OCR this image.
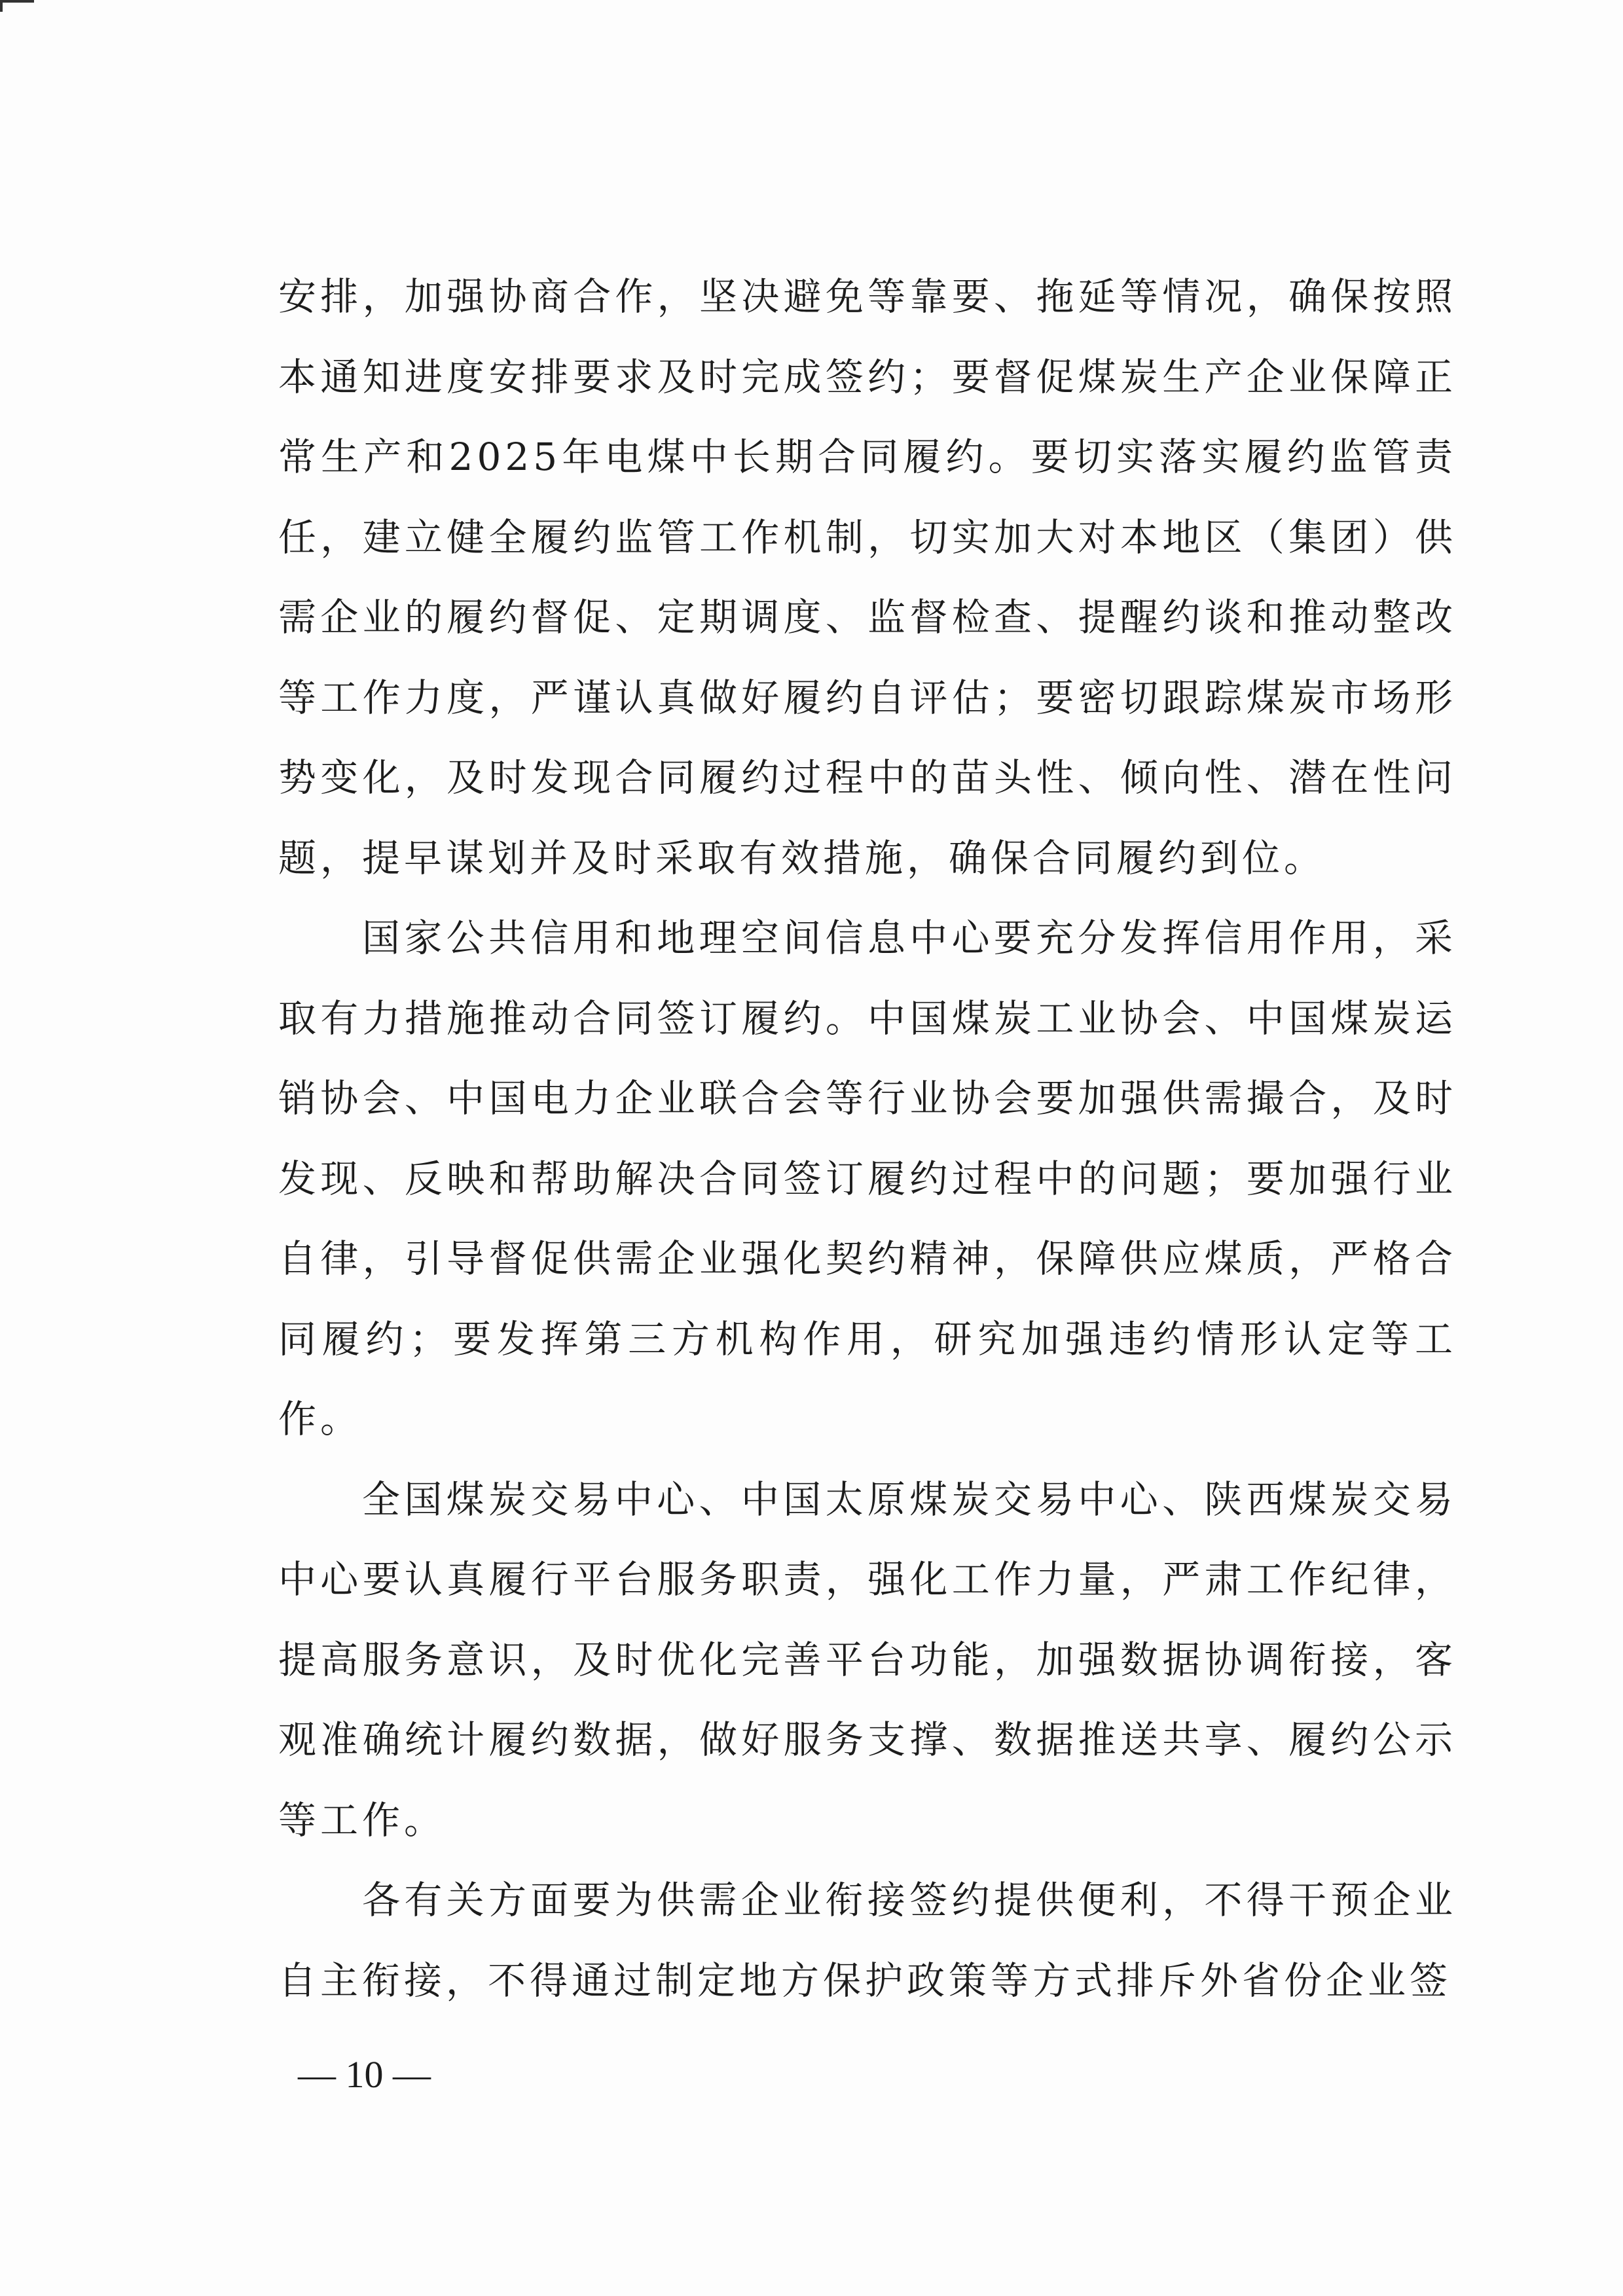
安排，加强协商合作，坚决避免等靠要、拖延等情况，确保按照本通知进度安排要求及时完成签约；要督促煤炭生产企业保障正常生产和2025年电煤中长期合同履约。要切实落实履约监管责任，建立健全履约监管工作机制，切实加大对本地区（集团）供需企业的履约督促、定期调度、监督检查、提醒约谈和推动整改等工作力度，严谨认真做好履约自评估；要密切跟踪煤炭市场形势变化，及时发现合同履约过程中的苗头性、倾向性、潜在性问题，提早谋划并及时采取有效措施，确保合同履约到位。

国家公共信用和地理空间信息中心要充分发挥信用作用，采取有力措施推动合同签订履约。中国煤炭工业协会、中国煤炭运销协会、中国电力企业联合会等行业协会要加强供需撮合，及时发现、反映和帮助解决合同签订履约过程中的问题；要加强行业自律，引导督促供需企业强化契约精神，保障供应煤质，严格合同履约；要发挥第三方机构作用，研究加强违约情形认定等工作。

全国煤炭交易中心、中国太原煤炭交易中心、陕西煤炭交易中心要认真履行平台服务职责，强化工作力量，严肃工作纪律，提高服务意识，及时优化完善平台功能，加强数据协调衔接，客观准确统计履约数据，做好服务支撑、数据推送共享、履约公示等工作。

各有关方面要为供需企业衔接签约提供便利，不得干预企业自主衔接，不得通过制定地方保护政策等方式排斥外省份企业签

— 10 —
